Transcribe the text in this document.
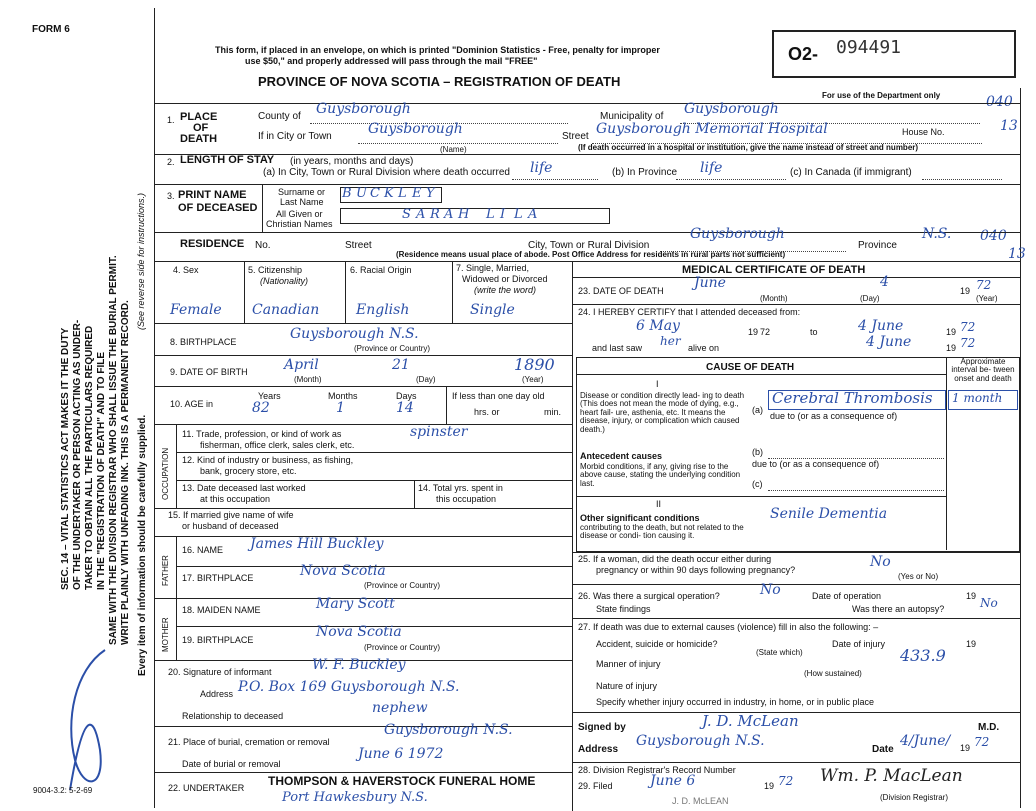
FORM 6
SEC. 14 – VITAL STATISTICS ACT MAKES IT THE DUTY OF THE UNDERTAKER OR PERSON ACTING AS UNDER- TAKER TO OBTAIN ALL THE PARTICULARS REQUIRED IN THE "REGISTRATION OF DEATH" AND TO FILE SAME WITH THE DIVISION REGISTRAR WHO SHALL ISSUE THE BURIAL PERMIT. WRITE PLAINLY WITH UNFADING INK. THIS IS A PERMANENT RECORD.
(See reverse side for instructions.)
Every item of information should be carefully supplied.
9004-3.2: 5-2-69
This form, if placed in an envelope, on which is printed "Dominion Statistics - Free, penalty for improper
use $50," and properly addressed will pass through the mail "FREE"
PROVINCE OF NOVA SCOTIA – REGISTRATION OF DEATH
O2- 094491
For use of the Department only	040
13
040
13
1. PLACE
OF
DEATH
County of Guysborough	Municipality of Guysborough
If in City or Town	Guysborough
(Name)
Street Guysborough Memorial Hospital	House No.
(If death occurred in a hospital or institution, give the name instead of street and number)
2. LENGTH OF STAY (in years, months and days)
(a) In City, Town or Rural Division where death occurred life	(b) In Province life	(c) In Canada (if immigrant)
3. PRINT NAME
OF DECEASED
Surname or
Last Name
All Given or
Christian Names
B U C K L E Y
S A R A H L I L A
RESIDENCE No.	Street	City, Town or Rural Division
Guysborough
Province
N.S.
(Residence means usual place of abode. Post Office Address for residents in rural parts not sufficient)
4. Sex	5. Citizenship
(Nationality)
6. Racial Origin	7. Single, Married,
Widowed or Divorced
(write the word)
Female Canadian	English	Single
8. BIRTHPLACE	Guysborough N.S.
(Province or Country)
9. DATE OF BIRTH	April	21	1890
(Month)	(Day)	(Year)
10. AGE in
Years	Months	Days
82	1	14
If less than one day old
hrs. or	min.
OCCUPATION
11. Trade, profession, or kind of work as
fisherman, office clerk, sales clerk, etc.
spinster
12. Kind of industry or business, as fishing,
bank, grocery store, etc.
13. Date deceased last worked
at this occupation
14. Total yrs. spent in
this occupation
15. If married give name of wife
or husband of deceased
FATHER
16. NAME James Hill Buckley
17. BIRTHPLACE	Nova Scotia
(Province or Country)
MOTHER
18. MAIDEN NAME	Mary Scott
19. BIRTHPLACE	Nova Scotia
(Province or Country)
20. Signature of informant	W. F. Buckley
Address P.O. Box 169 Guysborough N.S.
Relationship to deceased	nephew
21. Place of burial, cremation or removal
Guysborough N.S.
Date of burial or removal
June 6 1972
22. UNDERTAKER THOMPSON & HAVERSTOCK FUNERAL HOME
Port Hawkesbury N.S.
MEDICAL CERTIFICATE OF DEATH
23. DATE OF DEATH June	4
19 72
(Month)	(Day)	(Year)
24. I HEREBY CERTIFY that I attended deceased from:
6 May	19 72	to	4 June	19 72
and last saw her alive on	4 June	19 72
CAUSE OF DEATH
Approximate interval be- tween onset and death
I
Disease or condition directly lead- ing to death (This does not mean the mode of dying, e.g., heart fail- ure, asthenia, etc. It means the disease, injury, or complication which caused death.)
(a)
Cerebral Thrombosis 1 month
due to (or as a consequence of)
Antecedent causes
Morbid conditions, if any, giving rise to the above cause, stating the underlying condition last.
(b)
due to (or as a consequence of)
(c)
II
Other significant conditions
contributing to the death, but not related to the disease or condi- tion causing it.
Senile Dementia
25. If a woman, did the death occur either during
pregnancy or within 90 days following pregnancy?	No
(Yes or No)
26. Was there a surgical operation?	No	Date of operation	19
State findings	Was there an autopsy?	No
27. If death was due to external causes (violence) fill in also the following: –
Accident, suicide or homicide?	Date of injury	19
(State which)	433.9
Manner of injury
(How sustained)
Nature of injury
Specify whether injury occurred in industry, in home, or in public place
Signed by	J. D. McLean	M.D.
Address
Guysborough N.S.
Date
4/June/ 19 72
28. Division Registrar's Record Number
29. Filed	June 6	19 72 Wm. P. MacLean
(Division Registrar)
J. D. McLEAN
